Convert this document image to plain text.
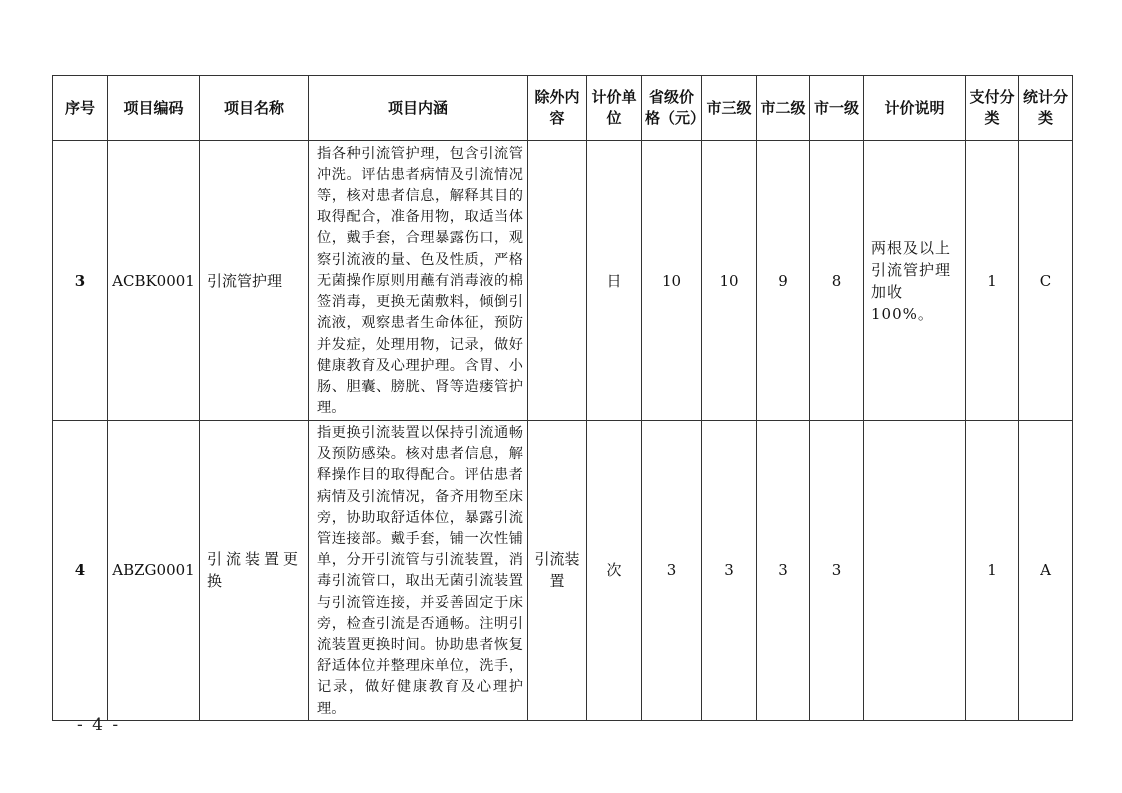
序号	项目编码	项目名称	项目内涵	除外内容	计价单位	省级价格（元）	市三级	市二级	市一级	计价说明	支付分类	统计分类
3	ACBK0001	引流管护理	指各种引流管护理，包含引流管冲洗。评估患者病情及引流情况等，核对患者信息，解释其目的取得配合，准备用物，取适当体位，戴手套，合理暴露伤口，观察引流液的量、色及性质，严格无菌操作原则用蘸有消毒液的棉签消毒，更换无菌敷料，倾倒引流液，观察患者生命体征，预防并发症，处理用物，记录，做好健康教育及心理护理。含胃、小肠、胆囊、膀胱、肾等造瘘管护理。		日	10	10	9	8	两根及以上引流管护理加收100%。	1	C
4	ABZG0001	引流装置更换	指更换引流装置以保持引流通畅及预防感染。核对患者信息，解释操作目的取得配合。评估患者病情及引流情况，备齐用物至床旁，协助取舒适体位，暴露引流管连接部。戴手套，铺一次性铺单，分开引流管与引流装置，消毒引流管口，取出无菌引流装置与引流管连接，并妥善固定于床旁，检查引流是否通畅。注明引流装置更换时间。协助患者恢复舒适体位并整理床单位，洗手，记录，做好健康教育及心理护理。	引流装置	次	3	3	3	3		1	A
- 4 -
